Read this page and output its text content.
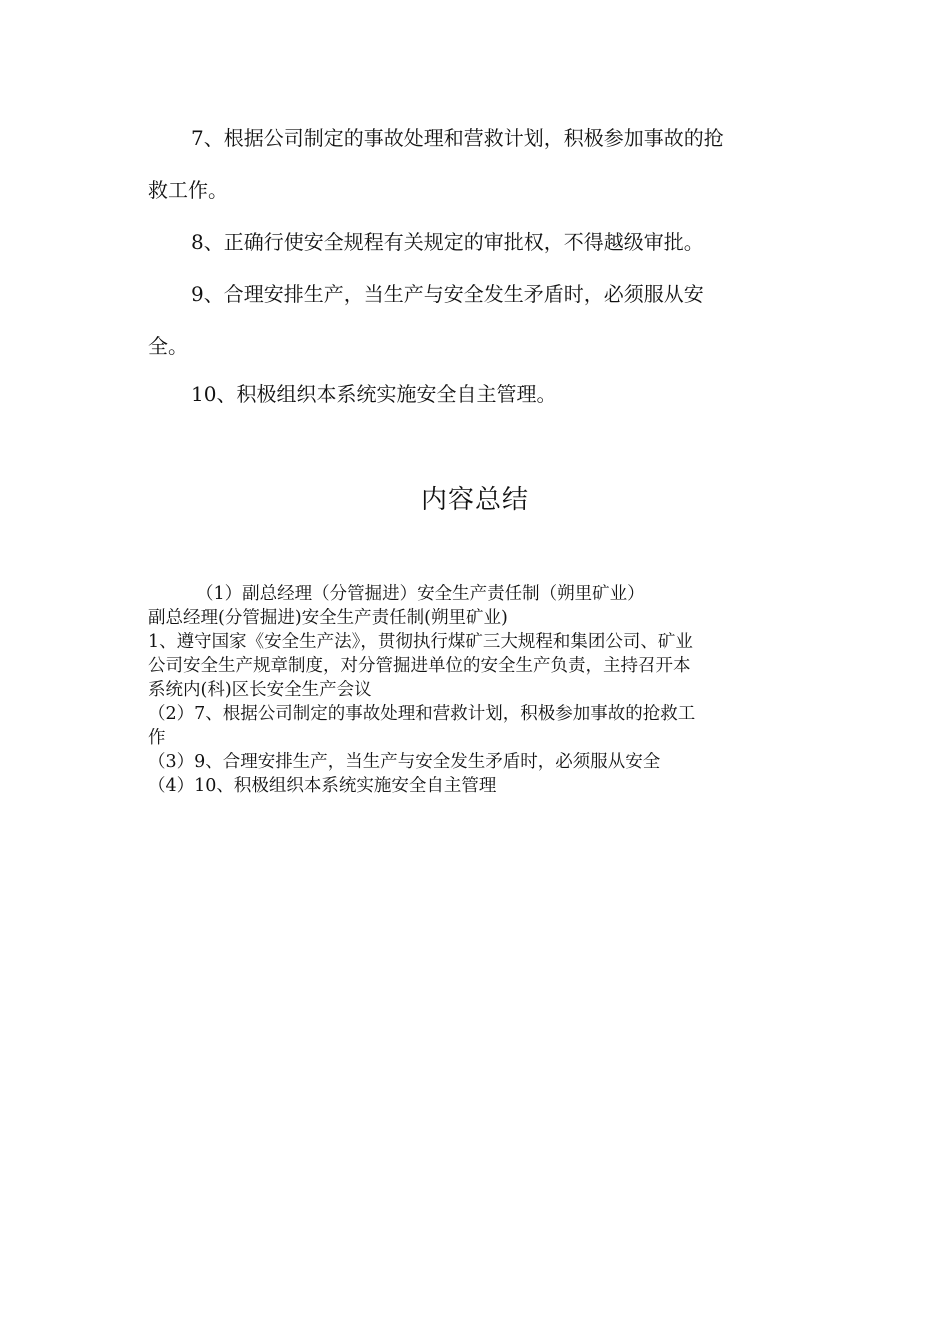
7、根据公司制定的事故处理和营救计划，积极参加事故的抢
救工作。
8、正确行使安全规程有关规定的审批权，不得越级审批。
9、合理安排生产，当生产与安全发生矛盾时，必须服从安
全。
10、积极组织本系统实施安全自主管理。
内容总结
（1）副总经理（分管掘进）安全生产责任制（朔里矿业）
副总经理(分管掘进)安全生产责任制(朔里矿业)
1、遵守国家《安全生产法》，贯彻执行煤矿三大规程和集团公司、矿业
公司安全生产规章制度，对分管掘进单位的安全生产负责，主持召开本
系统内(科)区长安全生产会议
（2）7、根据公司制定的事故处理和营救计划，积极参加事故的抢救工
作
（3）9、合理安排生产，当生产与安全发生矛盾时，必须服从安全
（4）10、积极组织本系统实施安全自主管理
